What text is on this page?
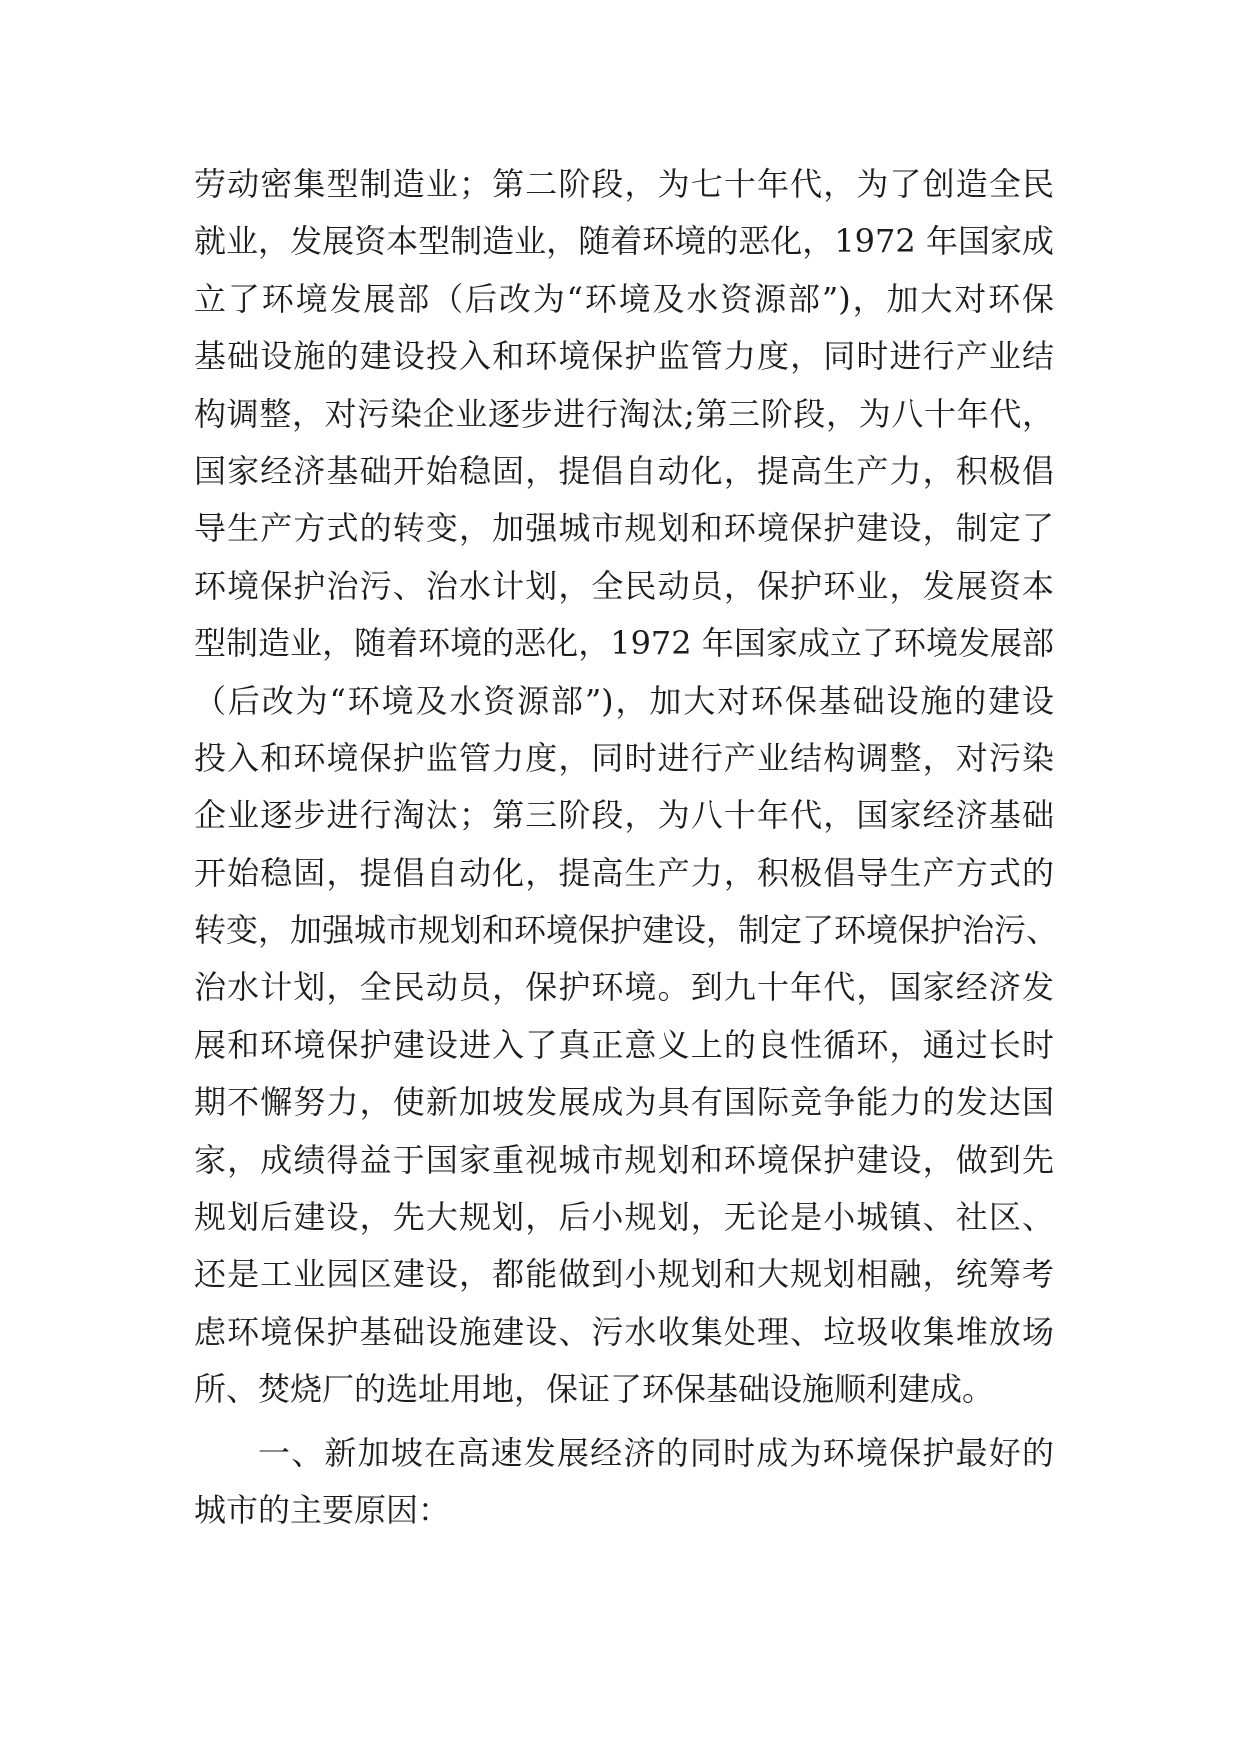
劳动密集型制造业；第二阶段，为七十年代，为了创造全民
就业，发展资本型制造业，随着环境的恶化，1972 年国家成
立了环境发展部（后改为“环境及水资源部”)，加大对环保
基础设施的建设投入和环境保护监管力度，同时进行产业结
构调整，对污染企业逐步进行淘汰;第三阶段，为八十年代，
国家经济基础开始稳固，提倡自动化，提高生产力，积极倡
导生产方式的转变，加强城市规划和环境保护建设，制定了
环境保护治污、治水计划，全民动员，保护环业，发展资本
型制造业，随着环境的恶化，1972 年国家成立了环境发展部
（后改为“环境及水资源部”)，加大对环保基础设施的建设
投入和环境保护监管力度，同时进行产业结构调整，对污染
企业逐步进行淘汰；第三阶段，为八十年代，国家经济基础
开始稳固，提倡自动化，提高生产力，积极倡导生产方式的
转变，加强城市规划和环境保护建设，制定了环境保护治污、
治水计划，全民动员，保护环境。到九十年代，国家经济发
展和环境保护建设进入了真正意义上的良性循环，通过长时
期不懈努力，使新加坡发展成为具有国际竞争能力的发达国
家，成绩得益于国家重视城市规划和环境保护建设，做到先
规划后建设，先大规划，后小规划，无论是小城镇、社区、
还是工业园区建设，都能做到小规划和大规划相融，统筹考
虑环境保护基础设施建设、污水收集处理、垃圾收集堆放场
所、焚烧厂的选址用地，保证了环保基础设施顺利建成。
一、新加坡在高速发展经济的同时成为环境保护最好的
城市的主要原因：
